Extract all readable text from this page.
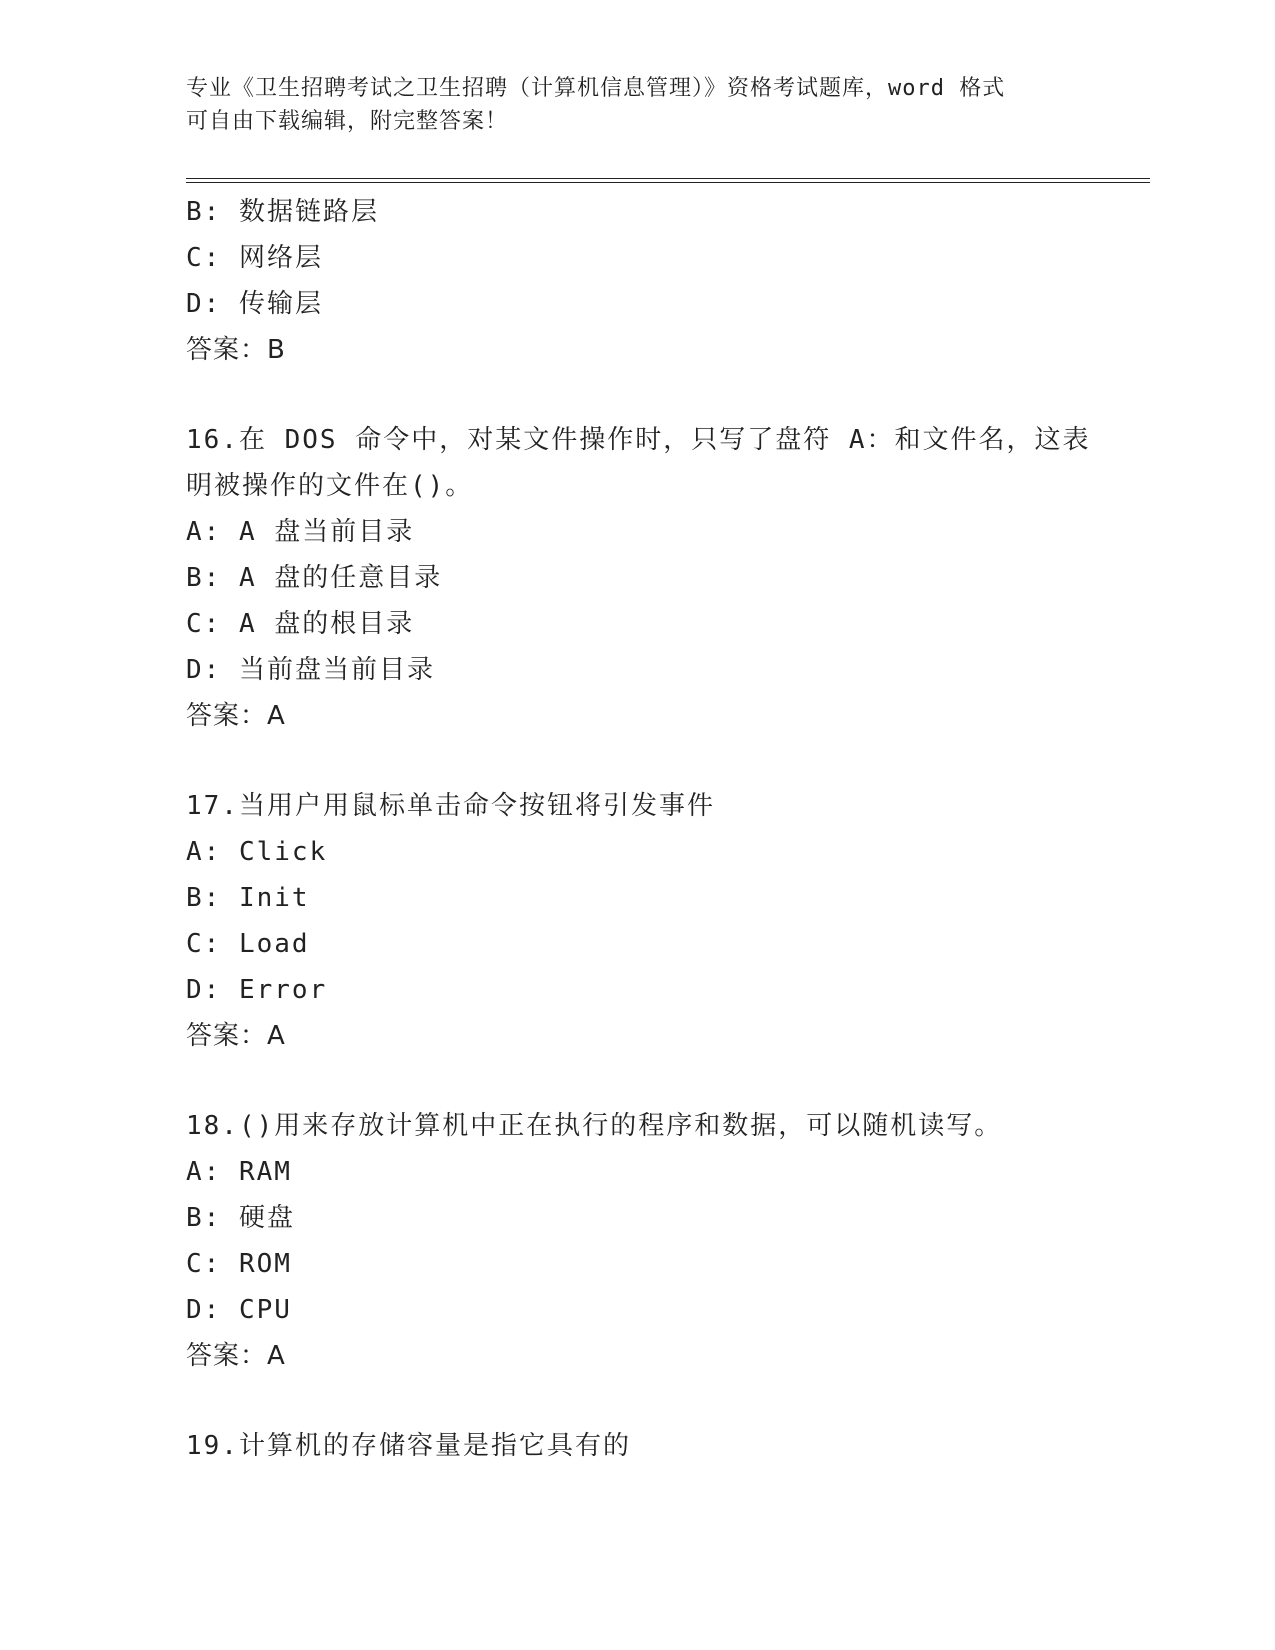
专业《卫生招聘考试之卫生招聘（计算机信息管理）》资格考试题库，word 格式
可自由下载编辑，附完整答案！
B: 数据链路层
C: 网络层
D: 传输层
答案：B
16.在 DOS 命令中，对某文件操作时，只写了盘符 A：和文件名，这表
明被操作的文件在()。
A: A 盘当前目录
B: A 盘的任意目录
C: A 盘的根目录
D: 当前盘当前目录
答案：A
17.当用户用鼠标单击命令按钮将引发事件
A: Click
B: Init
C: Load
D: Error
答案：A
18.()用来存放计算机中正在执行的程序和数据，可以随机读写。
A: RAM
B: 硬盘
C: ROM
D: CPU
答案：A
19.计算机的存储容量是指它具有的
